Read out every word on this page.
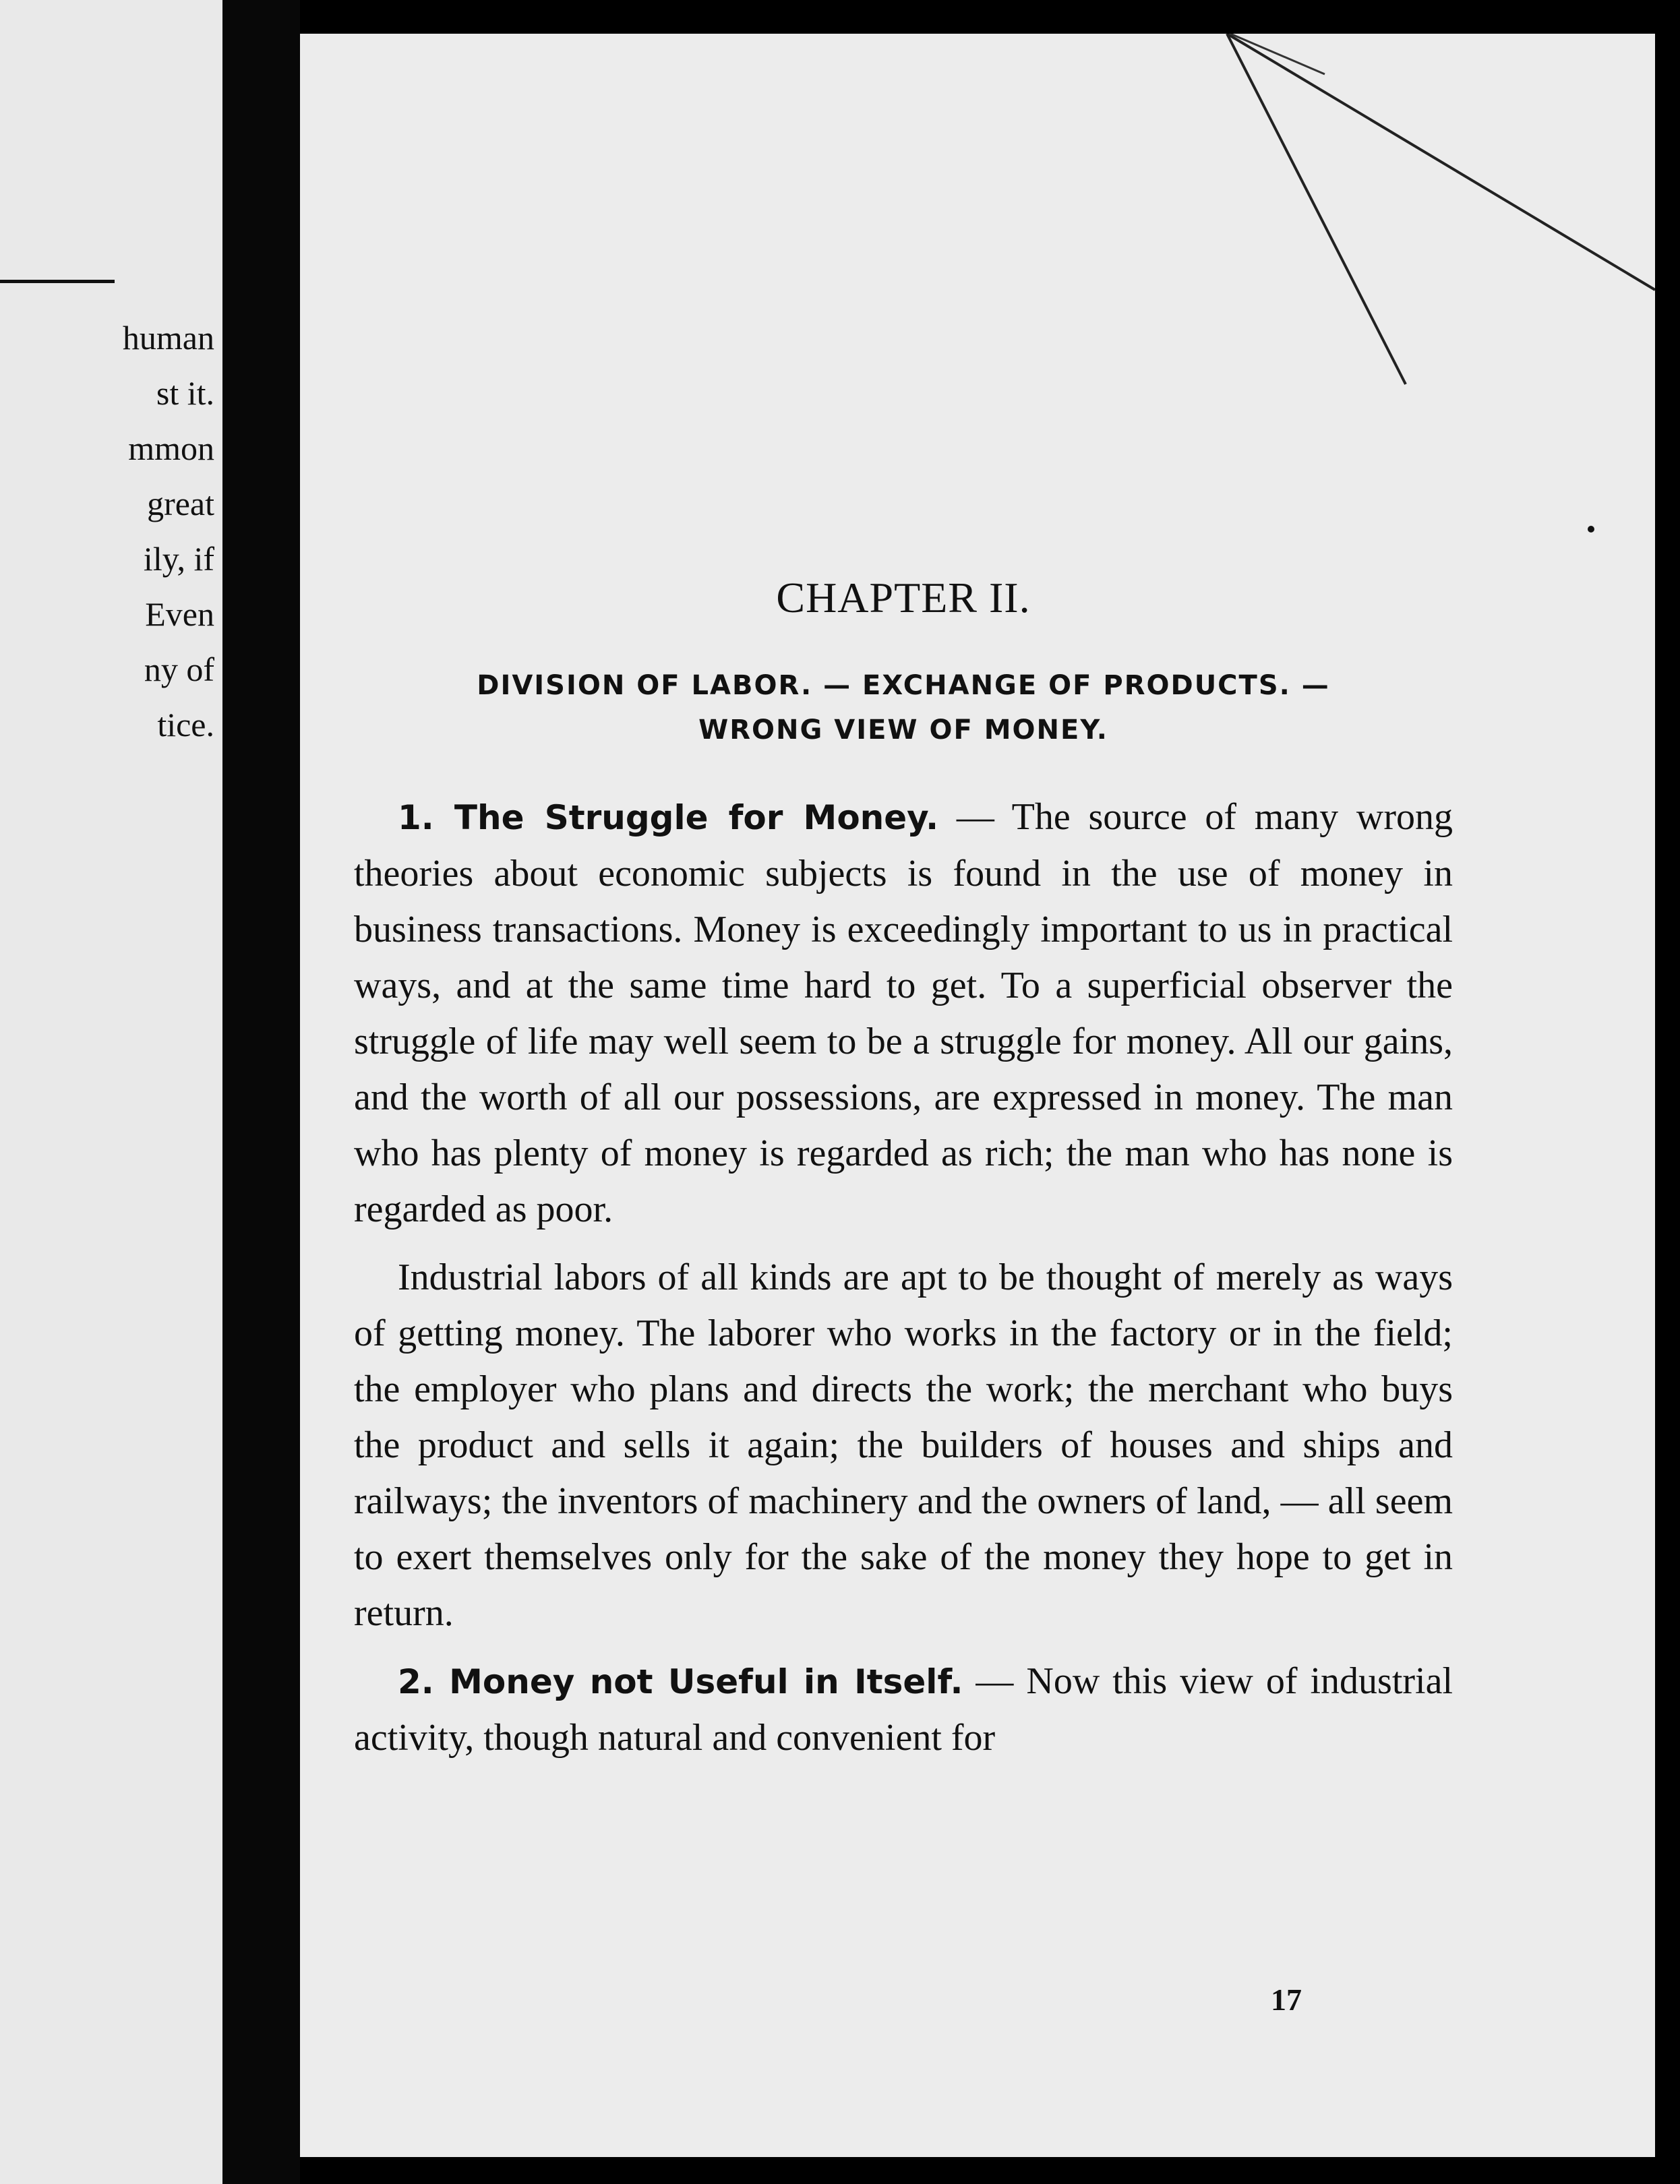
human
st it.
mmon
great
ily, if
Even
ny of
tice.
CHAPTER II.
DIVISION OF LABOR. — EXCHANGE OF PRODUCTS. —
WRONG VIEW OF MONEY.

1. The Struggle for Money. — The source of many wrong theories about economic subjects is found in the use of money in business transactions. Money is exceedingly important to us in practical ways, and at the same time hard to get. To a superficial observer the struggle of life may well seem to be a struggle for money. All our gains, and the worth of all our possessions, are expressed in money. The man who has plenty of money is regarded as rich; the man who has none is regarded as poor.

Industrial labors of all kinds are apt to be thought of merely as ways of getting money. The laborer who works in the factory or in the field; the employer who plans and directs the work; the merchant who buys the product and sells it again; the builders of houses and ships and railways; the inventors of machinery and the owners of land, — all seem to exert themselves only for the sake of the money they hope to get in return.

2. Money not Useful in Itself. — Now this view of industrial activity, though natural and convenient for

17
